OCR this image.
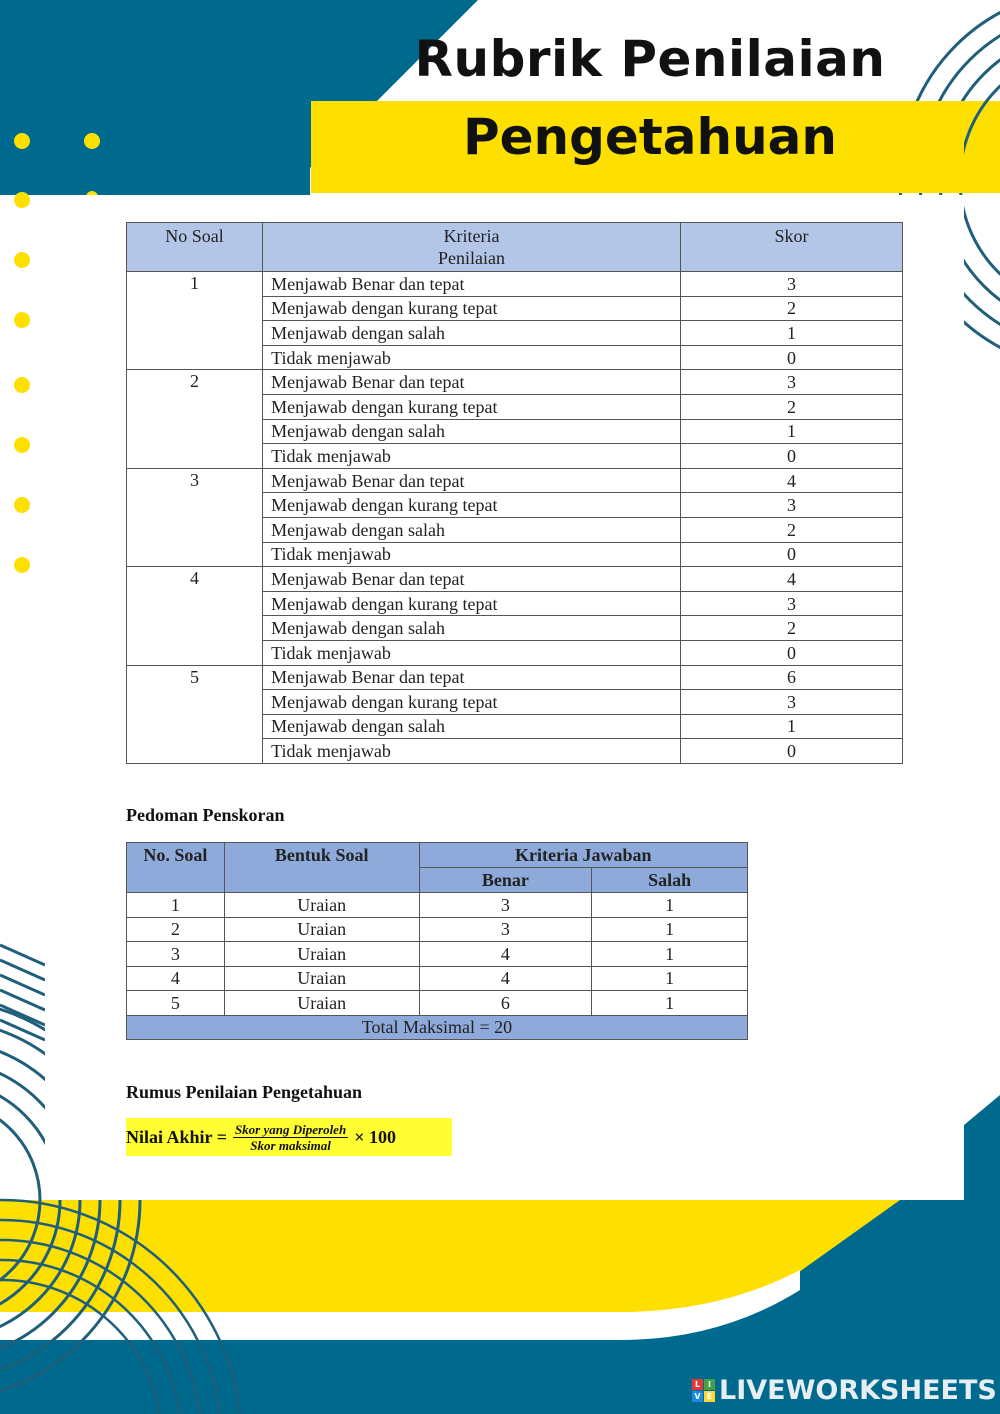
Rubrik Penilaian
Pengetahuan
No Soal	Kriteria Penilaian	Skor
1	Menjawab Benar dan tepat	3
	Menjawab dengan kurang tepat	2
	Menjawab dengan salah	1
	Tidak menjawab	0
2	Menjawab Benar dan tepat	3
	Menjawab dengan kurang tepat	2
	Menjawab dengan salah	1
	Tidak menjawab	0
3	Menjawab Benar dan tepat	4
	Menjawab dengan kurang tepat	3
	Menjawab dengan salah	2
	Tidak menjawab	0
4	Menjawab Benar dan tepat	4
	Menjawab dengan kurang tepat	3
	Menjawab dengan salah	2
	Tidak menjawab	0
5	Menjawab Benar dan tepat	6
	Menjawab dengan kurang tepat	3
	Menjawab dengan salah	1
	Tidak menjawab	0
Pedoman Penskoran
No. Soal	Bentuk Soal	Kriteria Jawaban	
		Benar	Salah
1	Uraian	3	1
2	Uraian	3	1
3	Uraian	4	1
4	Uraian	4	1
5	Uraian	6	1
Total Maksimal = 20			
Rumus Penilaian Pengetahuan
Nilai Akhir = $\frac{\text{Skor yang Diperoleh}}{\text{Skor maksimal}} \times 100$
L I
V E LIVEWORKSHEETS
